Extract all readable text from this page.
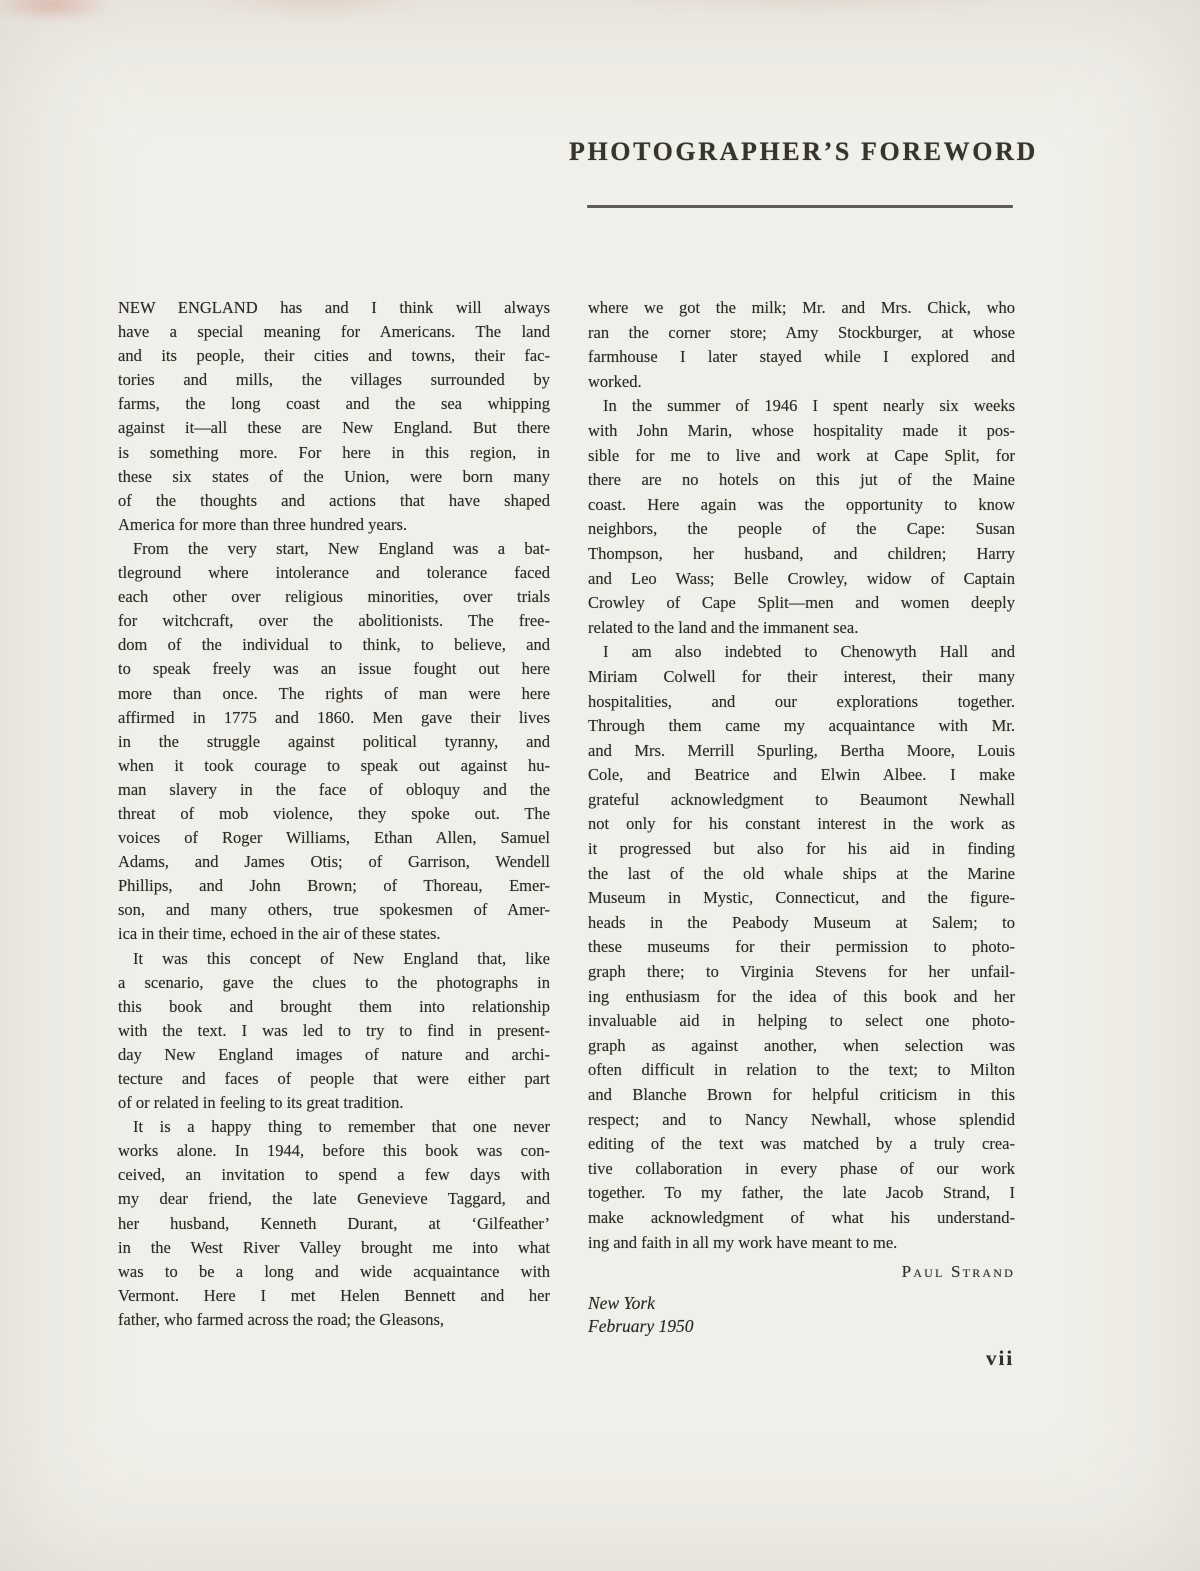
PHOTOGRAPHER’S FOREWORD
NEW ENGLAND has and I think will always
have a special meaning for Americans. The land
and its people, their cities and towns, their fac-
tories and mills, the villages surrounded by
farms, the long coast and the sea whipping
against it—all these are New England. But there
is something more. For here in this region, in
these six states of the Union, were born many
of the thoughts and actions that have shaped
America for more than three hundred years.
From the very start, New England was a bat-
tleground where intolerance and tolerance faced
each other over religious minorities, over trials
for witchcraft, over the abolitionists. The free-
dom of the individual to think, to believe, and
to speak freely was an issue fought out here
more than once. The rights of man were here
affirmed in 1775 and 1860. Men gave their lives
in the struggle against political tyranny, and
when it took courage to speak out against hu-
man slavery in the face of obloquy and the
threat of mob violence, they spoke out. The
voices of Roger Williams, Ethan Allen, Samuel
Adams, and James Otis; of Garrison, Wendell
Phillips, and John Brown; of Thoreau, Emer-
son, and many others, true spokesmen of Amer-
ica in their time, echoed in the air of these states.
It was this concept of New England that, like
a scenario, gave the clues to the photographs in
this book and brought them into relationship
with the text. I was led to try to find in present-
day New England images of nature and archi-
tecture and faces of people that were either part
of or related in feeling to its great tradition.
It is a happy thing to remember that one never
works alone. In 1944, before this book was con-
ceived, an invitation to spend a few days with
my dear friend, the late Genevieve Taggard, and
her husband, Kenneth Durant, at ‘Gilfeather’
in the West River Valley brought me into what
was to be a long and wide acquaintance with
Vermont. Here I met Helen Bennett and her
father, who farmed across the road; the Gleasons,
where we got the milk; Mr. and Mrs. Chick, who
ran the corner store; Amy Stockburger, at whose
farmhouse I later stayed while I explored and
worked.
In the summer of 1946 I spent nearly six weeks
with John Marin, whose hospitality made it pos-
sible for me to live and work at Cape Split, for
there are no hotels on this jut of the Maine
coast. Here again was the opportunity to know
neighbors, the people of the Cape: Susan
Thompson, her husband, and children; Harry
and Leo Wass; Belle Crowley, widow of Captain
Crowley of Cape Split—men and women deeply
related to the land and the immanent sea.
I am also indebted to Chenowyth Hall and
Miriam Colwell for their interest, their many
hospitalities, and our explorations together.
Through them came my acquaintance with Mr.
and Mrs. Merrill Spurling, Bertha Moore, Louis
Cole, and Beatrice and Elwin Albee. I make
grateful acknowledgment to Beaumont Newhall
not only for his constant interest in the work as
it progressed but also for his aid in finding
the last of the old whale ships at the Marine
Museum in Mystic, Connecticut, and the figure-
heads in the Peabody Museum at Salem; to
these museums for their permission to photo-
graph there; to Virginia Stevens for her unfail-
ing enthusiasm for the idea of this book and her
invaluable aid in helping to select one photo-
graph as against another, when selection was
often difficult in relation to the text; to Milton
and Blanche Brown for helpful criticism in this
respect; and to Nancy Newhall, whose splendid
editing of the text was matched by a truly crea-
tive collaboration in every phase of our work
together. To my father, the late Jacob Strand, I
make acknowledgment of what his understand-
ing and faith in all my work have meant to me.
Paul Strand
New York
February 1950
vii
